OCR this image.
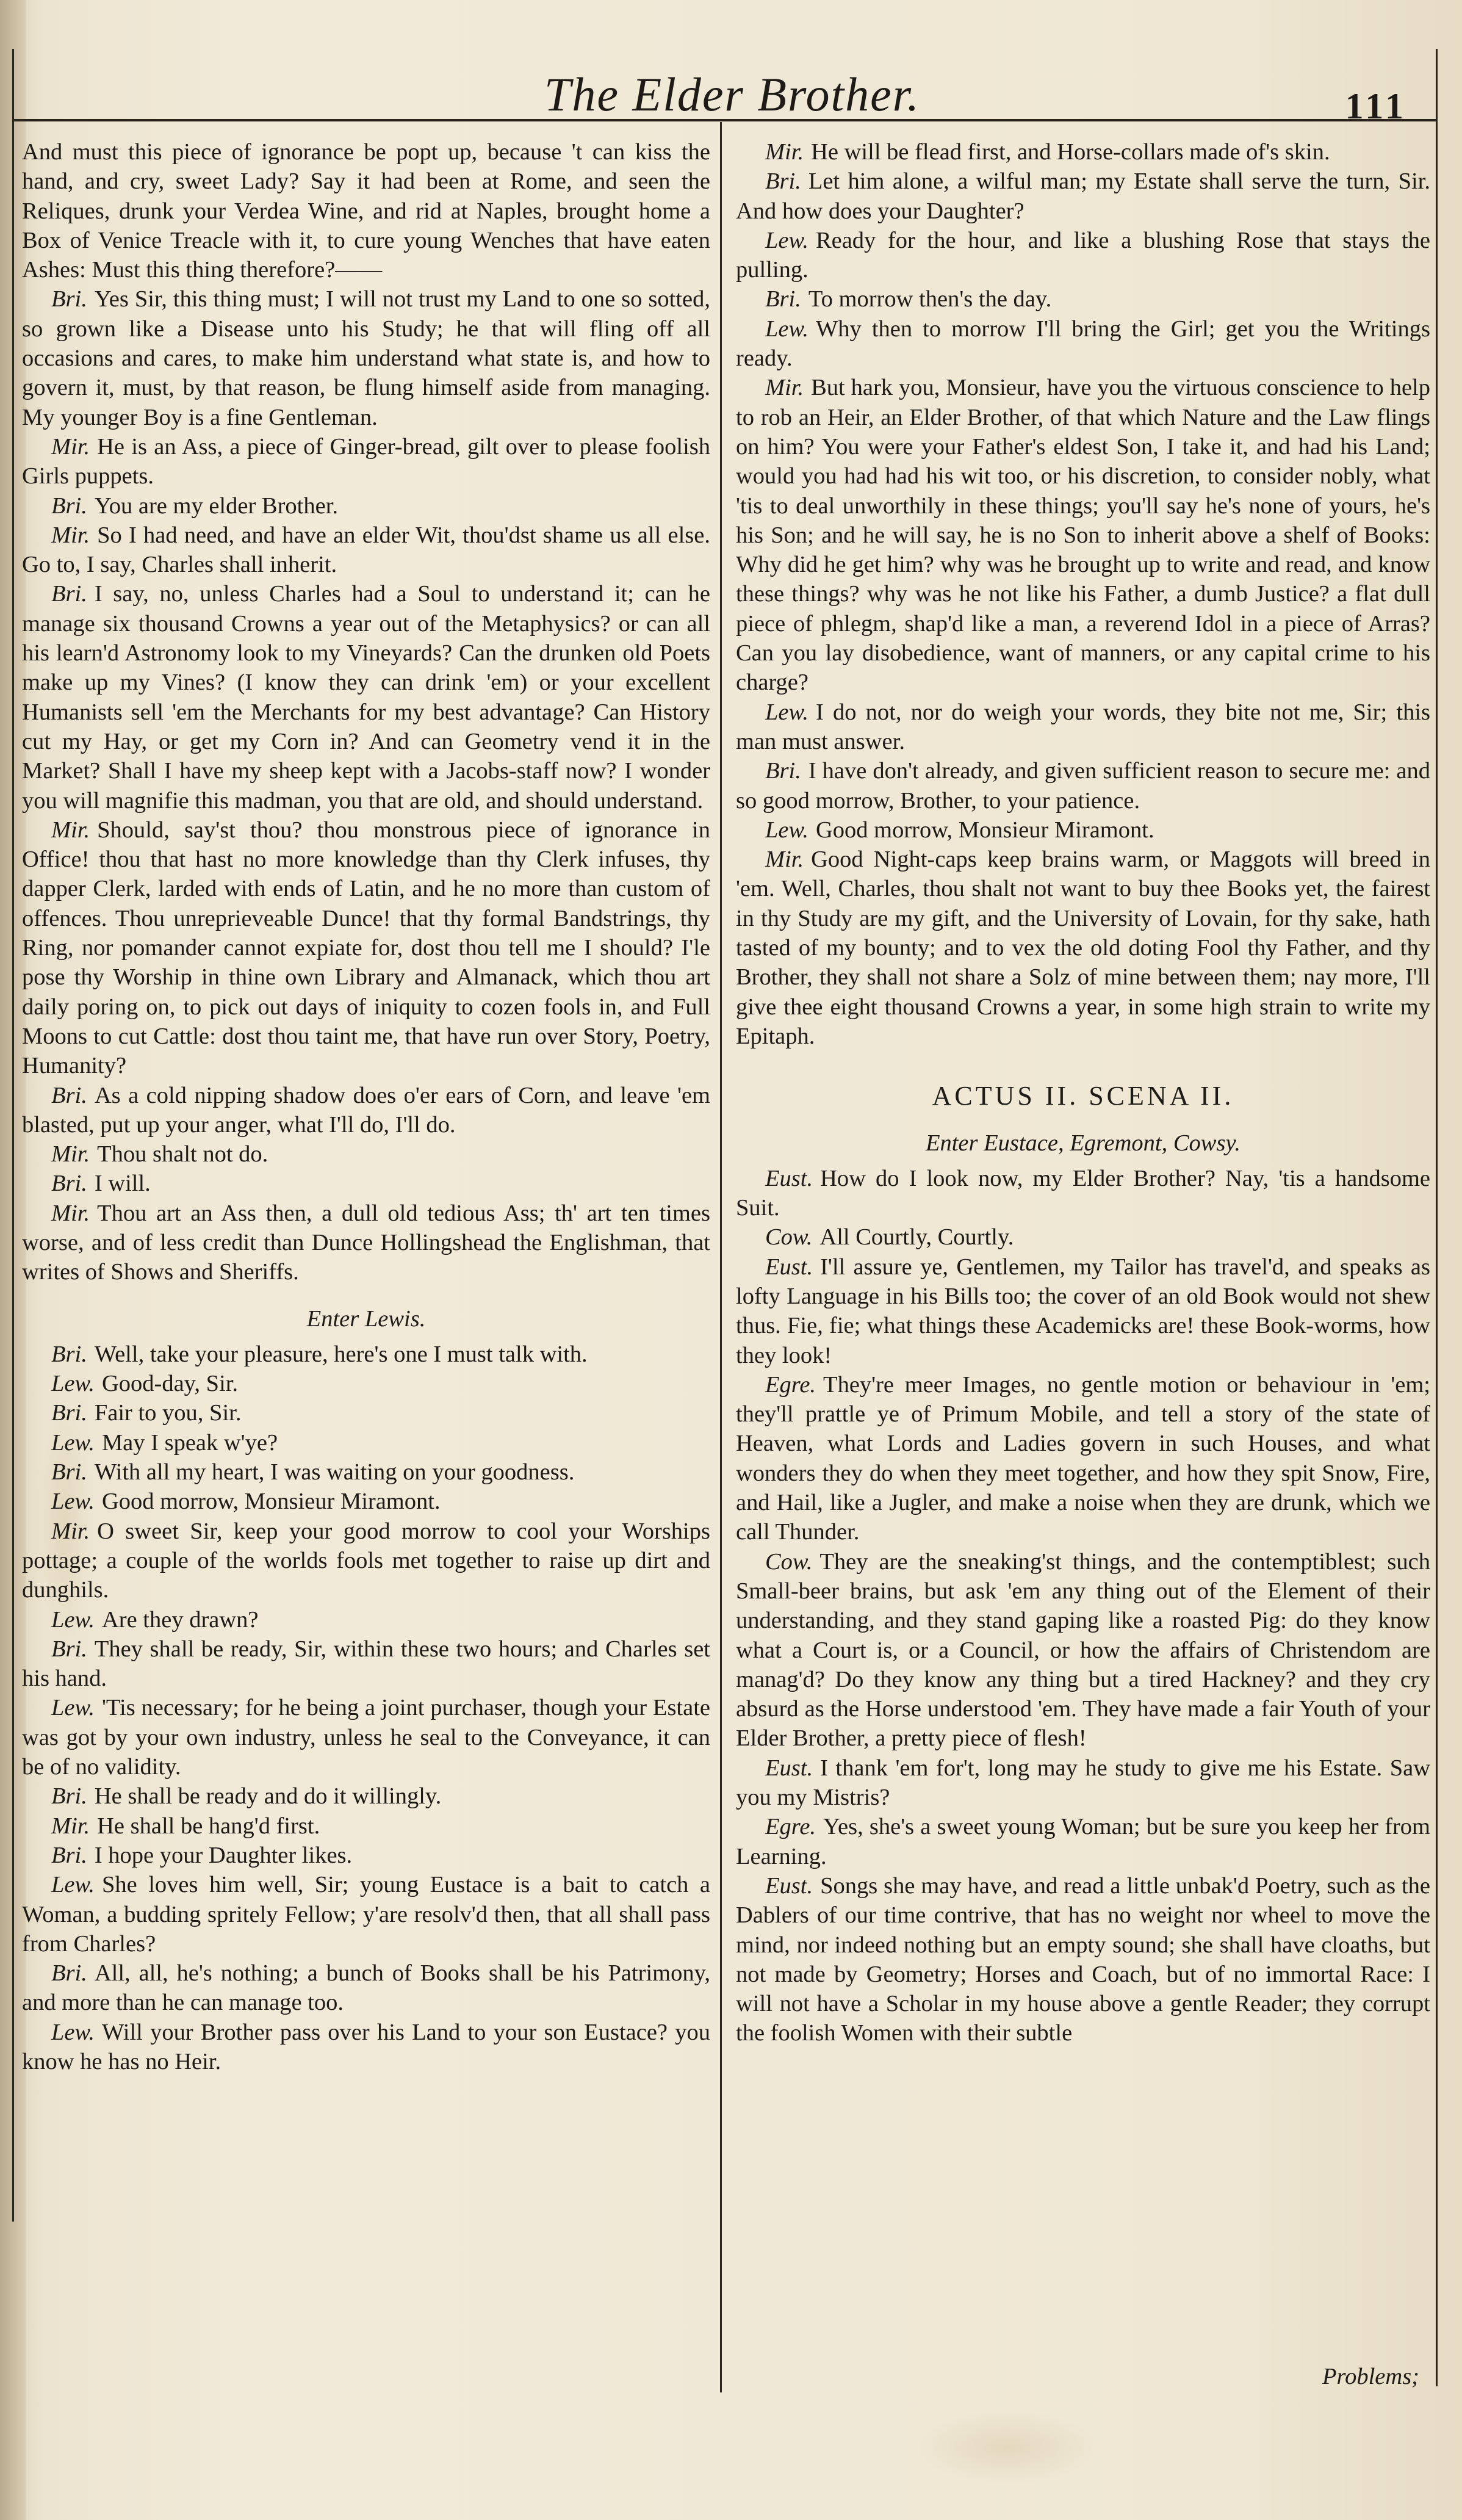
The Elder Brother.	111

And must this piece of ignorance be popt up, because 't can kiss the hand, and cry, sweet Lady? Say it had been at Rome, and seen the Reliques, drunk your Verdea Wine, and rid at Naples, brought home a Box of Venice Treacle with it, to cure young Wenches that have eaten Ashes: Must this thing therefore?——

Bri. Yes Sir, this thing must; I will not trust my Land to one so sotted, so grown like a Disease unto his Study; he that will fling off all occasions and cares, to make him understand what state is, and how to govern it, must, by that reason, be flung himself aside from managing. My younger Boy is a fine Gentleman.

Mir. He is an Ass, a piece of Ginger-bread, gilt over to please foolish Girls puppets.

Bri. You are my elder Brother.

Mir. So I had need, and have an elder Wit, thou'dst shame us all else. Go to, I say, Charles shall inherit.

Bri. I say, no, unless Charles had a Soul to understand it; can he manage six thousand Crowns a year out of the Metaphysics? or can all his learn'd Astronomy look to my Vineyards? Can the drunken old Poets make up my Vines? (I know they can drink 'em) or your excellent Humanists sell 'em the Merchants for my best advantage? Can History cut my Hay, or get my Corn in? And can Geometry vend it in the Market? Shall I have my sheep kept with a Jacobs-staff now? I wonder you will magnifie this madman, you that are old, and should understand.

Mir. Should, say'st thou? thou monstrous piece of ignorance in Office! thou that hast no more knowledge than thy Clerk infuses, thy dapper Clerk, larded with ends of Latin, and he no more than custom of offences. Thou unreprieveable Dunce! that thy formal Bandstrings, thy Ring, nor pomander cannot expiate for, dost thou tell me I should? I'le pose thy Worship in thine own Library and Almanack, which thou art daily poring on, to pick out days of iniquity to cozen fools in, and Full Moons to cut Cattle: dost thou taint me, that have run over Story, Poetry, Humanity?

Bri. As a cold nipping shadow does o'er ears of Corn, and leave 'em blasted, put up your anger, what I'll do, I'll do.

Mir. Thou shalt not do.

Bri. I will.

Mir. Thou art an Ass then, a dull old tedious Ass; th' art ten times worse, and of less credit than Dunce Hollingshead the Englishman, that writes of Shows and Sheriffs.

Enter Lewis.

Bri. Well, take your pleasure, here's one I must talk with.

Lew. Good-day, Sir.

Bri. Fair to you, Sir.

Lew. May I speak w'ye?

Bri. With all my heart, I was waiting on your goodness.

Lew. Good morrow, Monsieur Miramont.

Mir. O sweet Sir, keep your good morrow to cool your Worships pottage; a couple of the worlds fools met together to raise up dirt and dunghils.

Lew. Are they drawn?

Bri. They shall be ready, Sir, within these two hours; and Charles set his hand.

Lew. 'Tis necessary; for he being a joint purchaser, though your Estate was got by your own industry, unless he seal to the Conveyance, it can be of no validity.

Bri. He shall be ready and do it willingly.

Mir. He shall be hang'd first.

Bri. I hope your Daughter likes.

Lew. She loves him well, Sir; young Eustace is a bait to catch a Woman, a budding spritely Fellow; y'are resolv'd then, that all shall pass from Charles?

Bri. All, all, he's nothing; a bunch of Books shall be his Patrimony, and more than he can manage too.

Lew. Will your Brother pass over his Land to your son Eustace? you know he has no Heir.

Mir. He will be flead first, and Horse-collars made of's skin.

Bri. Let him alone, a wilful man; my Estate shall serve the turn, Sir. And how does your Daughter?

Lew. Ready for the hour, and like a blushing Rose that stays the pulling.

Bri. To morrow then's the day.

Lew. Why then to morrow I'll bring the Girl; get you the Writings ready.

Mir. But hark you, Monsieur, have you the virtuous conscience to help to rob an Heir, an Elder Brother, of that which Nature and the Law flings on him? You were your Father's eldest Son, I take it, and had his Land; would you had had his wit too, or his discretion, to consider nobly, what 'tis to deal unworthily in these things; you'll say he's none of yours, he's his Son; and he will say, he is no Son to inherit above a shelf of Books: Why did he get him? why was he brought up to write and read, and know these things? why was he not like his Father, a dumb Justice? a flat dull piece of phlegm, shap'd like a man, a reverend Idol in a piece of Arras? Can you lay disobedience, want of manners, or any capital crime to his charge?

Lew. I do not, nor do weigh your words, they bite not me, Sir; this man must answer.

Bri. I have don't already, and given sufficient reason to secure me: and so good morrow, Brother, to your patience.

Lew. Good morrow, Monsieur Miramont.

Mir. Good Night-caps keep brains warm, or Maggots will breed in 'em. Well, Charles, thou shalt not want to buy thee Books yet, the fairest in thy Study are my gift, and the University of Lovain, for thy sake, hath tasted of my bounty; and to vex the old doting Fool thy Father, and thy Brother, they shall not share a Solz of mine between them; nay more, I'll give thee eight thousand Crowns a year, in some high strain to write my Epitaph.

ACTUS II. SCENA II.

Enter Eustace, Egremont, Cowsy.

Eust. How do I look now, my Elder Brother? Nay, 'tis a handsome Suit.

Cow. All Courtly, Courtly.

Eust. I'll assure ye, Gentlemen, my Tailor has travel'd, and speaks as lofty Language in his Bills too; the cover of an old Book would not shew thus. Fie, fie; what things these Academicks are! these Book-worms, how they look!

Egre. They're meer Images, no gentle motion or behaviour in 'em; they'll prattle ye of Primum Mobile, and tell a story of the state of Heaven, what Lords and Ladies govern in such Houses, and what wonders they do when they meet together, and how they spit Snow, Fire, and Hail, like a Jugler, and make a noise when they are drunk, which we call Thunder.

Cow. They are the sneaking'st things, and the contemptiblest; such Small-beer brains, but ask 'em any thing out of the Element of their understanding, and they stand gaping like a roasted Pig: do they know what a Court is, or a Council, or how the affairs of Christendom are manag'd? Do they know any thing but a tired Hackney? and they cry absurd as the Horse understood 'em. They have made a fair Youth of your Elder Brother, a pretty piece of flesh!

Eust. I thank 'em for't, long may he study to give me his Estate. Saw you my Mistris?

Egre. Yes, she's a sweet young Woman; but be sure you keep her from Learning.

Eust. Songs she may have, and read a little unbak'd Poetry, such as the Dablers of our time contrive, that has no weight nor wheel to move the mind, nor indeed nothing but an empty sound; she shall have cloaths, but not made by Geometry; Horses and Coach, but of no immortal Race: I will not have a Scholar in my house above a gentle Reader; they corrupt the foolish Women with their subtle

Problems;
